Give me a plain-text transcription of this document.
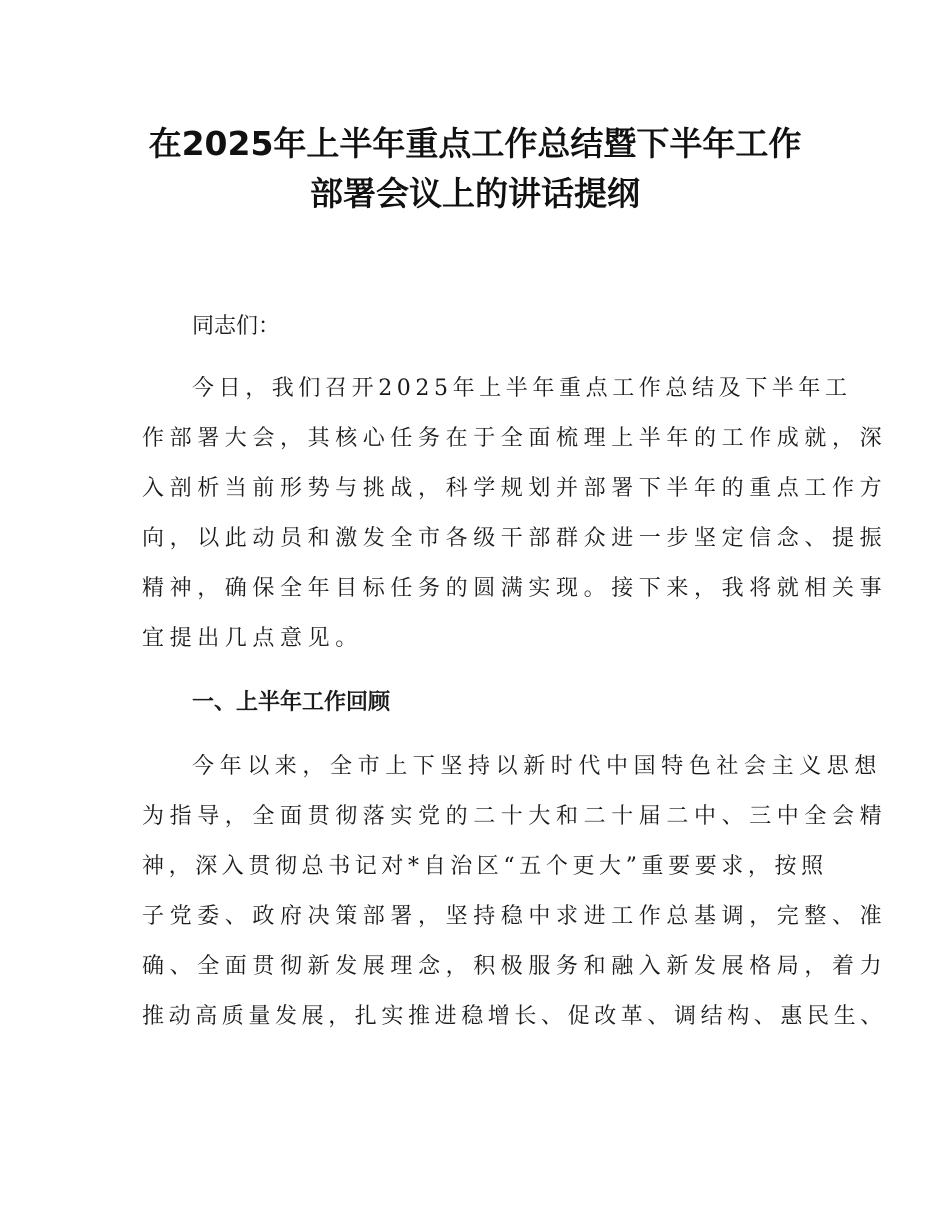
在2025年上半年重点工作总结暨下半年工作
部署会议上的讲话提纲
同志们：
今日，我们召开2025年上半年重点工作总结及下半年工
作部署大会，其核心任务在于全面梳理上半年的工作成就，深
入剖析当前形势与挑战，科学规划并部署下半年的重点工作方
向，以此动员和激发全市各级干部群众进一步坚定信念、提振
精神，确保全年目标任务的圆满实现。接下来，我将就相关事
宜提出几点意见。
一、上半年工作回顾
今年以来，全市上下坚持以新时代中国特色社会主义思想
为指导，全面贯彻落实党的二十大和二十届二中、三中全会精
神，深入贯彻总书记对*自治区“五个更大”重要要求，按照
子党委、政府决策部署，坚持稳中求进工作总基调，完整、准
确、全面贯彻新发展理念，积极服务和融入新发展格局，着力
推动高质量发展，扎实推进稳增长、促改革、调结构、惠民生、
